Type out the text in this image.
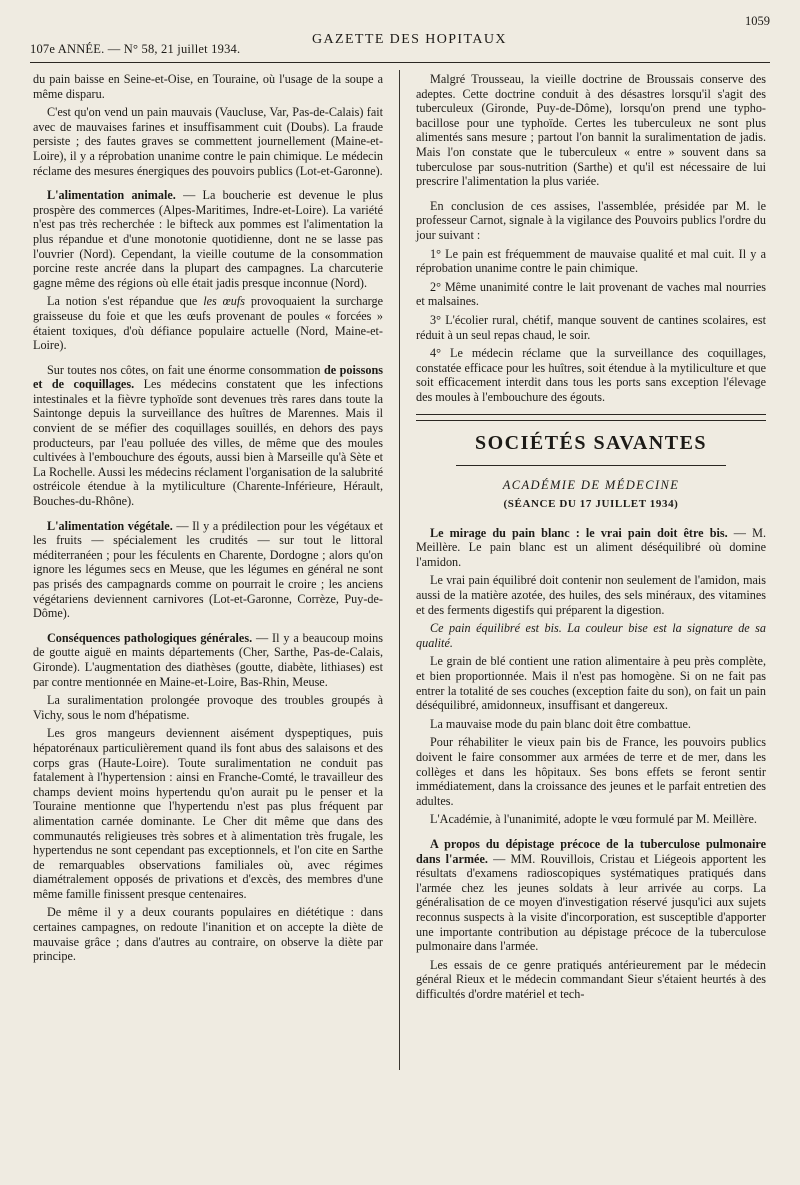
107e ANNÉE. — N° 58, 21 juillet 1934.
GAZETTE DES HOPITAUX
1059

du pain baisse en Seine-et-Oise, en Touraine, où l'usage de la soupe a même disparu.

C'est qu'on vend un pain mauvais (Vaucluse, Var, Pas-de-Calais) fait avec de mauvaises farines et insuffisamment cuit (Doubs). La fraude persiste ; des fautes graves se commettent journellement (Maine-et-Loire), il y a réprobation unanime contre le pain chimique. Le médecin réclame des mesures énergiques des pouvoirs publics (Lot-et-Garonne).

L'alimentation animale. — La boucherie est devenue le plus prospère des commerces (Alpes-Maritimes, Indre-et-Loire). La variété n'est pas très recherchée : le bifteck aux pommes est l'alimentation la plus répandue et d'une monotonie quotidienne, dont ne se lasse pas l'ouvrier (Nord). Cependant, la vieille coutume de la consommation porcine reste ancrée dans la plupart des campagnes. La charcuterie gagne même des régions où elle était jadis presque inconnue (Nord).

La notion s'est répandue que les œufs provoquaient la surcharge graisseuse du foie et que les œufs provenant de poules « forcées » étaient toxiques, d'où défiance populaire actuelle (Nord, Maine-et-Loire).

Sur toutes nos côtes, on fait une énorme consommation de poissons et de coquillages. Les médecins constatent que les infections intestinales et la fièvre typhoïde sont devenues très rares dans toute la Saintonge depuis la surveillance des huîtres de Marennes. Mais il convient de se méfier des coquillages souillés, en dehors des pays producteurs, par l'eau polluée des villes, de même que des moules cultivées à l'embouchure des égouts, aussi bien à Marseille qu'à Sète et La Rochelle. Aussi les médecins réclament l'organisation de la salubrité ostréicole étendue à la mytiliculture (Charente-Inférieure, Hérault, Bouches-du-Rhône).

L'alimentation végétale. — Il y a prédilection pour les végétaux et les fruits — spécialement les crudités — sur tout le littoral méditerranéen ; pour les féculents en Charente, Dordogne ; alors qu'on ignore les légumes secs en Meuse, que les légumes en général ne sont pas prisés des campagnards comme on pourrait le croire ; les anciens végétariens deviennent carnivores (Lot-et-Garonne, Corrèze, Puy-de-Dôme).

Conséquences pathologiques générales. — Il y a beaucoup moins de goutte aiguë en maints départements (Cher, Sarthe, Pas-de-Calais, Gironde). L'augmentation des diathèses (goutte, diabète, lithiases) est par contre mentionnée en Maine-et-Loire, Bas-Rhin, Meuse.

La suralimentation prolongée provoque des troubles groupés à Vichy, sous le nom d'hépatisme.

Les gros mangeurs deviennent aisément dyspeptiques, puis hépatorénaux particulièrement quand ils font abus des salaisons et des corps gras (Haute-Loire). Toute suralimentation ne conduit pas fatalement à l'hypertension : ainsi en Franche-Comté, le travailleur des champs devient moins hypertendu qu'on aurait pu le penser et la Touraine mentionne que l'hypertendu n'est pas plus fréquent par alimentation carnée dominante. Le Cher dit même que dans des communautés religieuses très sobres et à alimentation très frugale, les hypertendus ne sont cependant pas exceptionnels, et l'on cite en Sarthe de remarquables observations familiales où, avec régimes diamétralement opposés de privations et d'excès, des membres d'une même famille finissent presque centenaires.

De même il y a deux courants populaires en diététique : dans certaines campagnes, on redoute l'inanition et on accepte la diète de mauvaise grâce ; dans d'autres au contraire, on observe la diète par principe.

Malgré Trousseau, la vieille doctrine de Broussais conserve des adeptes. Cette doctrine conduit à des désastres lorsqu'il s'agit des tuberculeux (Gironde, Puy-de-Dôme), lorsqu'on prend une typho-bacillose pour une typhoïde. Certes les tuberculeux ne sont plus alimentés sans mesure ; partout l'on bannit la suralimentation de jadis. Mais l'on constate que le tuberculeux « entre » souvent dans sa tuberculose par sous-nutrition (Sarthe) et qu'il est nécessaire de lui prescrire l'alimentation la plus variée.

En conclusion de ces assises, l'assemblée, présidée par M. le professeur Carnot, signale à la vigilance des Pouvoirs publics l'ordre du jour suivant :

1° Le pain est fréquemment de mauvaise qualité et mal cuit. Il y a réprobation unanime contre le pain chimique.

2° Même unanimité contre le lait provenant de vaches mal nourries et malsaines.

3° L'écolier rural, chétif, manque souvent de cantines scolaires, est réduit à un seul repas chaud, le soir.

4° Le médecin réclame que la surveillance des coquillages, constatée efficace pour les huîtres, soit étendue à la mytiliculture et que soit efficacement interdit dans tous les ports sans exception l'élevage des moules à l'embouchure des égouts.

SOCIÉTÉS SAVANTES
ACADÉMIE DE MÉDECINE
(SÉANCE DU 17 JUILLET 1934)

Le mirage du pain blanc : le vrai pain doit être bis. — M. Meillère. Le pain blanc est un aliment déséquilibré où domine l'amidon.

Le vrai pain équilibré doit contenir non seulement de l'amidon, mais aussi de la matière azotée, des huiles, des sels minéraux, des vitamines et des ferments digestifs qui préparent la digestion.

Ce pain équilibré est bis. La couleur bise est la signature de sa qualité.

Le grain de blé contient une ration alimentaire à peu près complète, et bien proportionnée. Mais il n'est pas homogène. Si on ne fait pas entrer la totalité de ses couches (exception faite du son), on fait un pain déséquilibré, amidonneux, insuffisant et dangereux.

La mauvaise mode du pain blanc doit être combattue.

Pour réhabiliter le vieux pain bis de France, les pouvoirs publics doivent le faire consommer aux armées de terre et de mer, dans les collèges et dans les hôpitaux. Ses bons effets se feront sentir immédiatement, dans la croissance des jeunes et le parfait entretien des adultes.

L'Académie, à l'unanimité, adopte le vœu formulé par M. Meillère.

A propos du dépistage précoce de la tuberculose pulmonaire dans l'armée. — MM. Rouvillois, Cristau et Liégeois apportent les résultats d'examens radioscopiques systématiques pratiqués dans l'armée chez les jeunes soldats à leur arrivée au corps. La généralisation de ce moyen d'investigation réservé jusqu'ici aux sujets reconnus suspects à la visite d'incorporation, est susceptible d'apporter une importante contribution au dépistage précoce de la tuberculose pulmonaire dans l'armée.

Les essais de ce genre pratiqués antérieurement par le médecin général Rieux et le médecin commandant Sieur s'étaient heurtés à des difficultés d'ordre matériel et tech-
